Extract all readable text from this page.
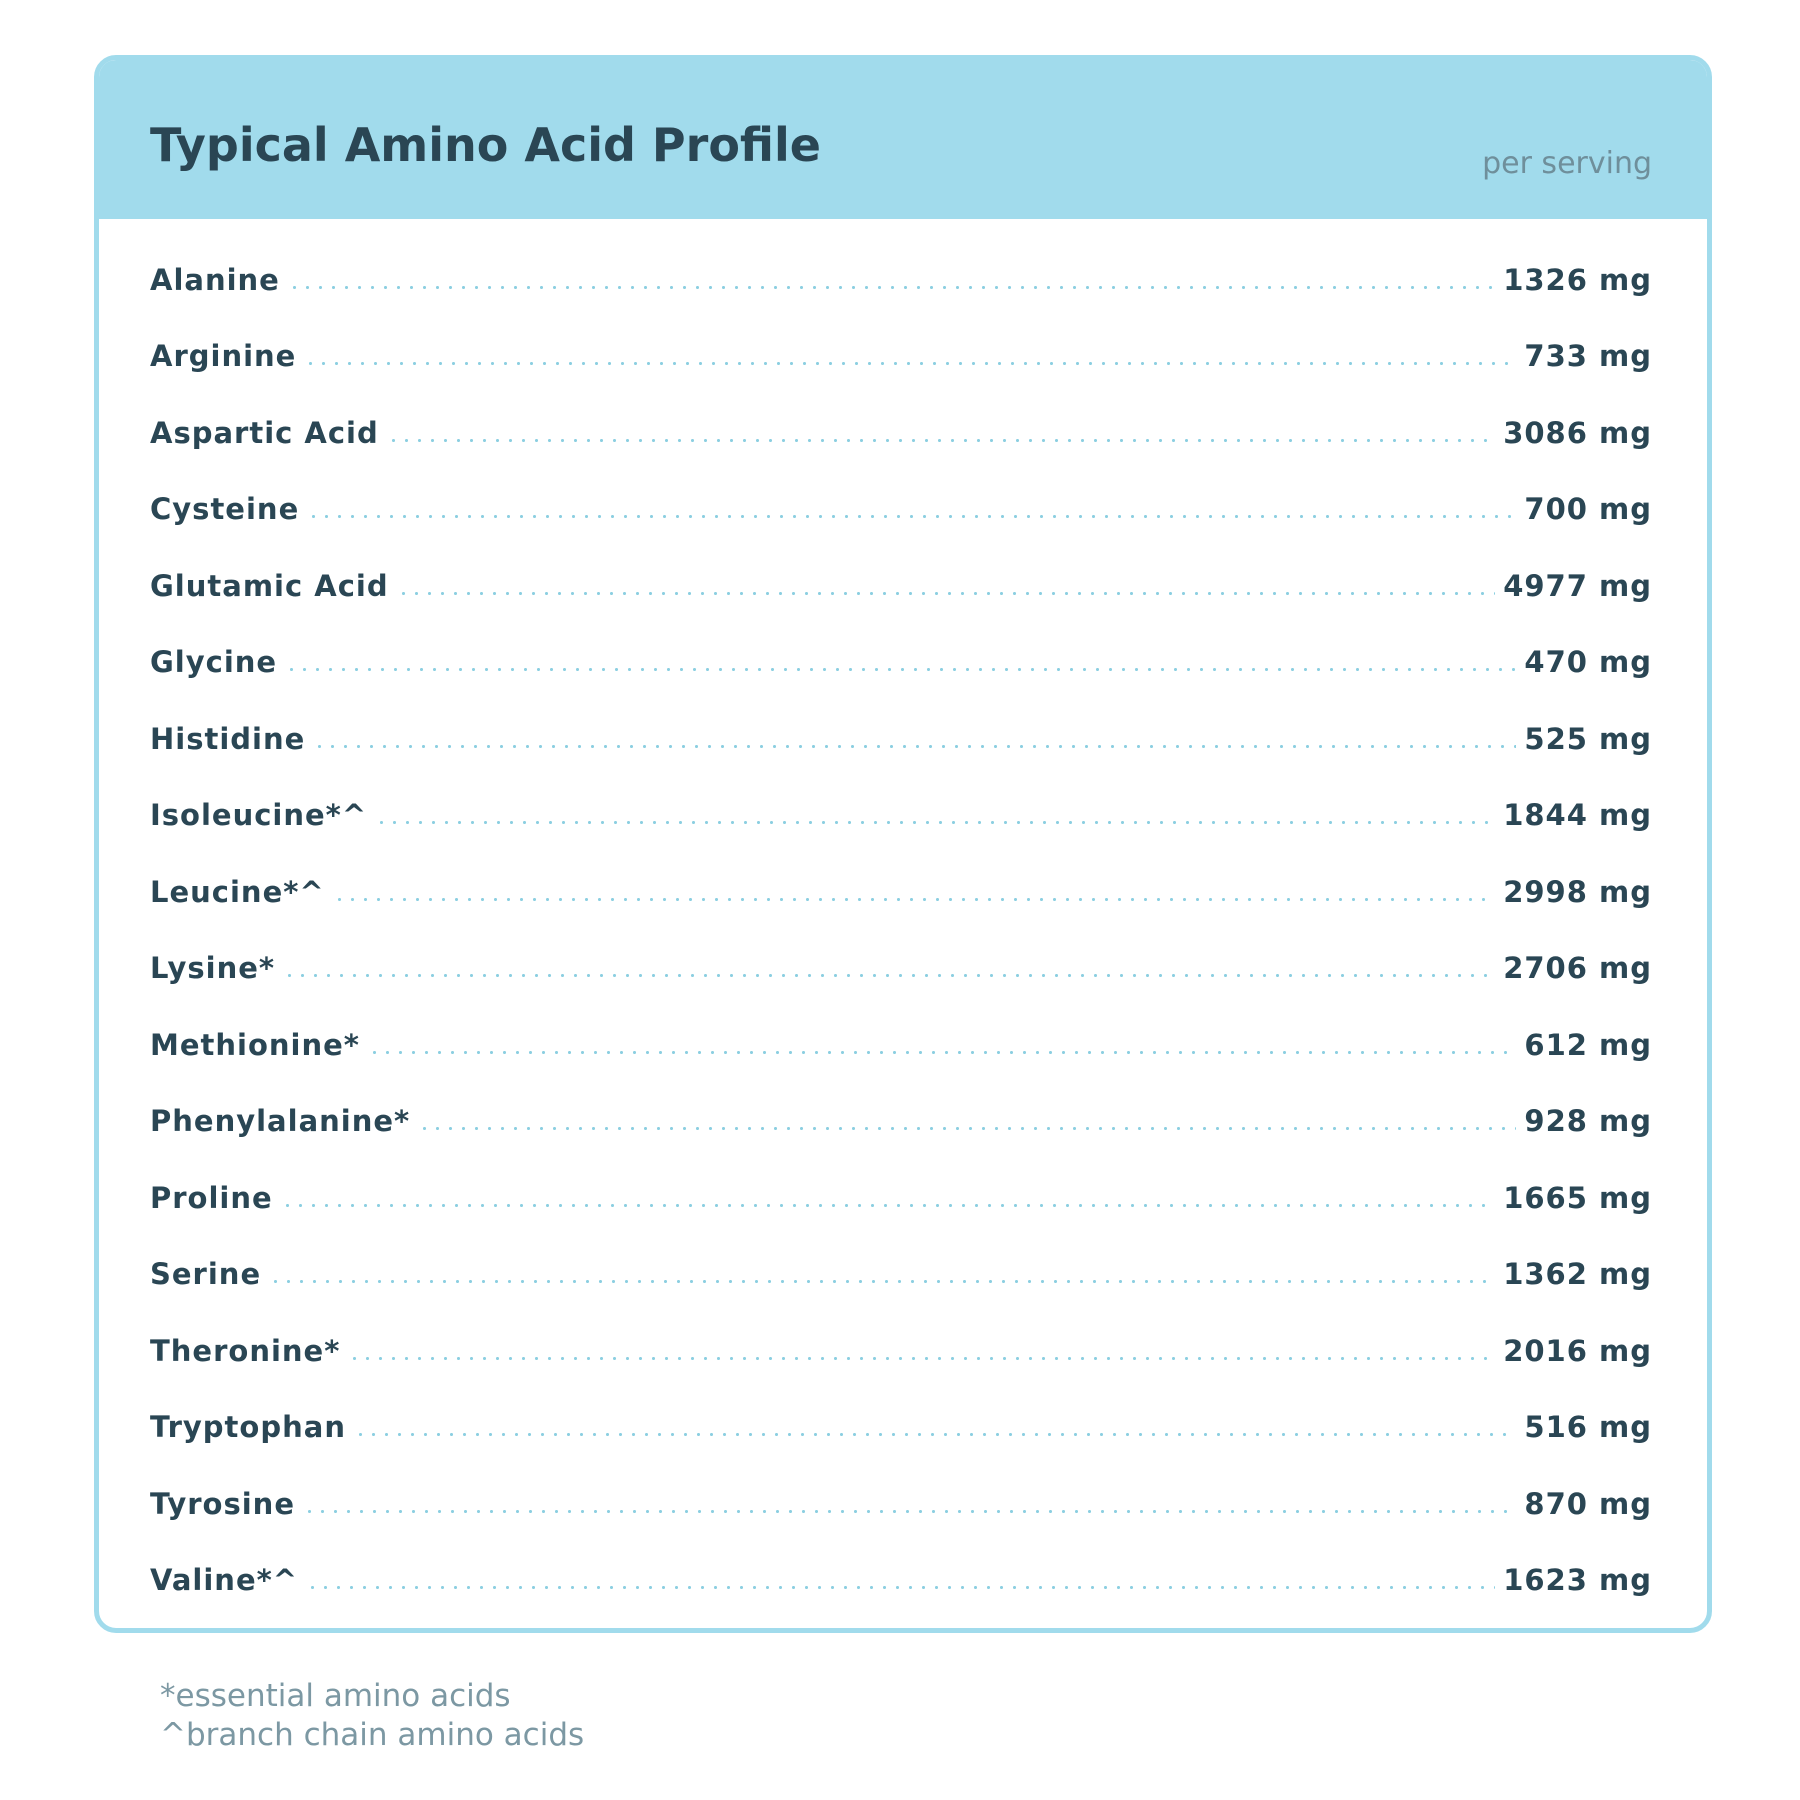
Typical Amino Acid Profile	per serving
Alanine	1326 mg
Arginine	733 mg
Aspartic Acid	3086 mg
Cysteine	700 mg
Glutamic Acid	4977 mg
Glycine	470 mg
Histidine	525 mg
Isoleucine*^	1844 mg
Leucine*^	2998 mg
Lysine*	2706 mg
Methionine*	612 mg
Phenylalanine*	928 mg
Proline	1665 mg
Serine	1362 mg
Theronine*	2016 mg
Tryptophan	516 mg
Tyrosine	870 mg
Valine*^	1623 mg
*essential amino acids
^branch chain amino acids
